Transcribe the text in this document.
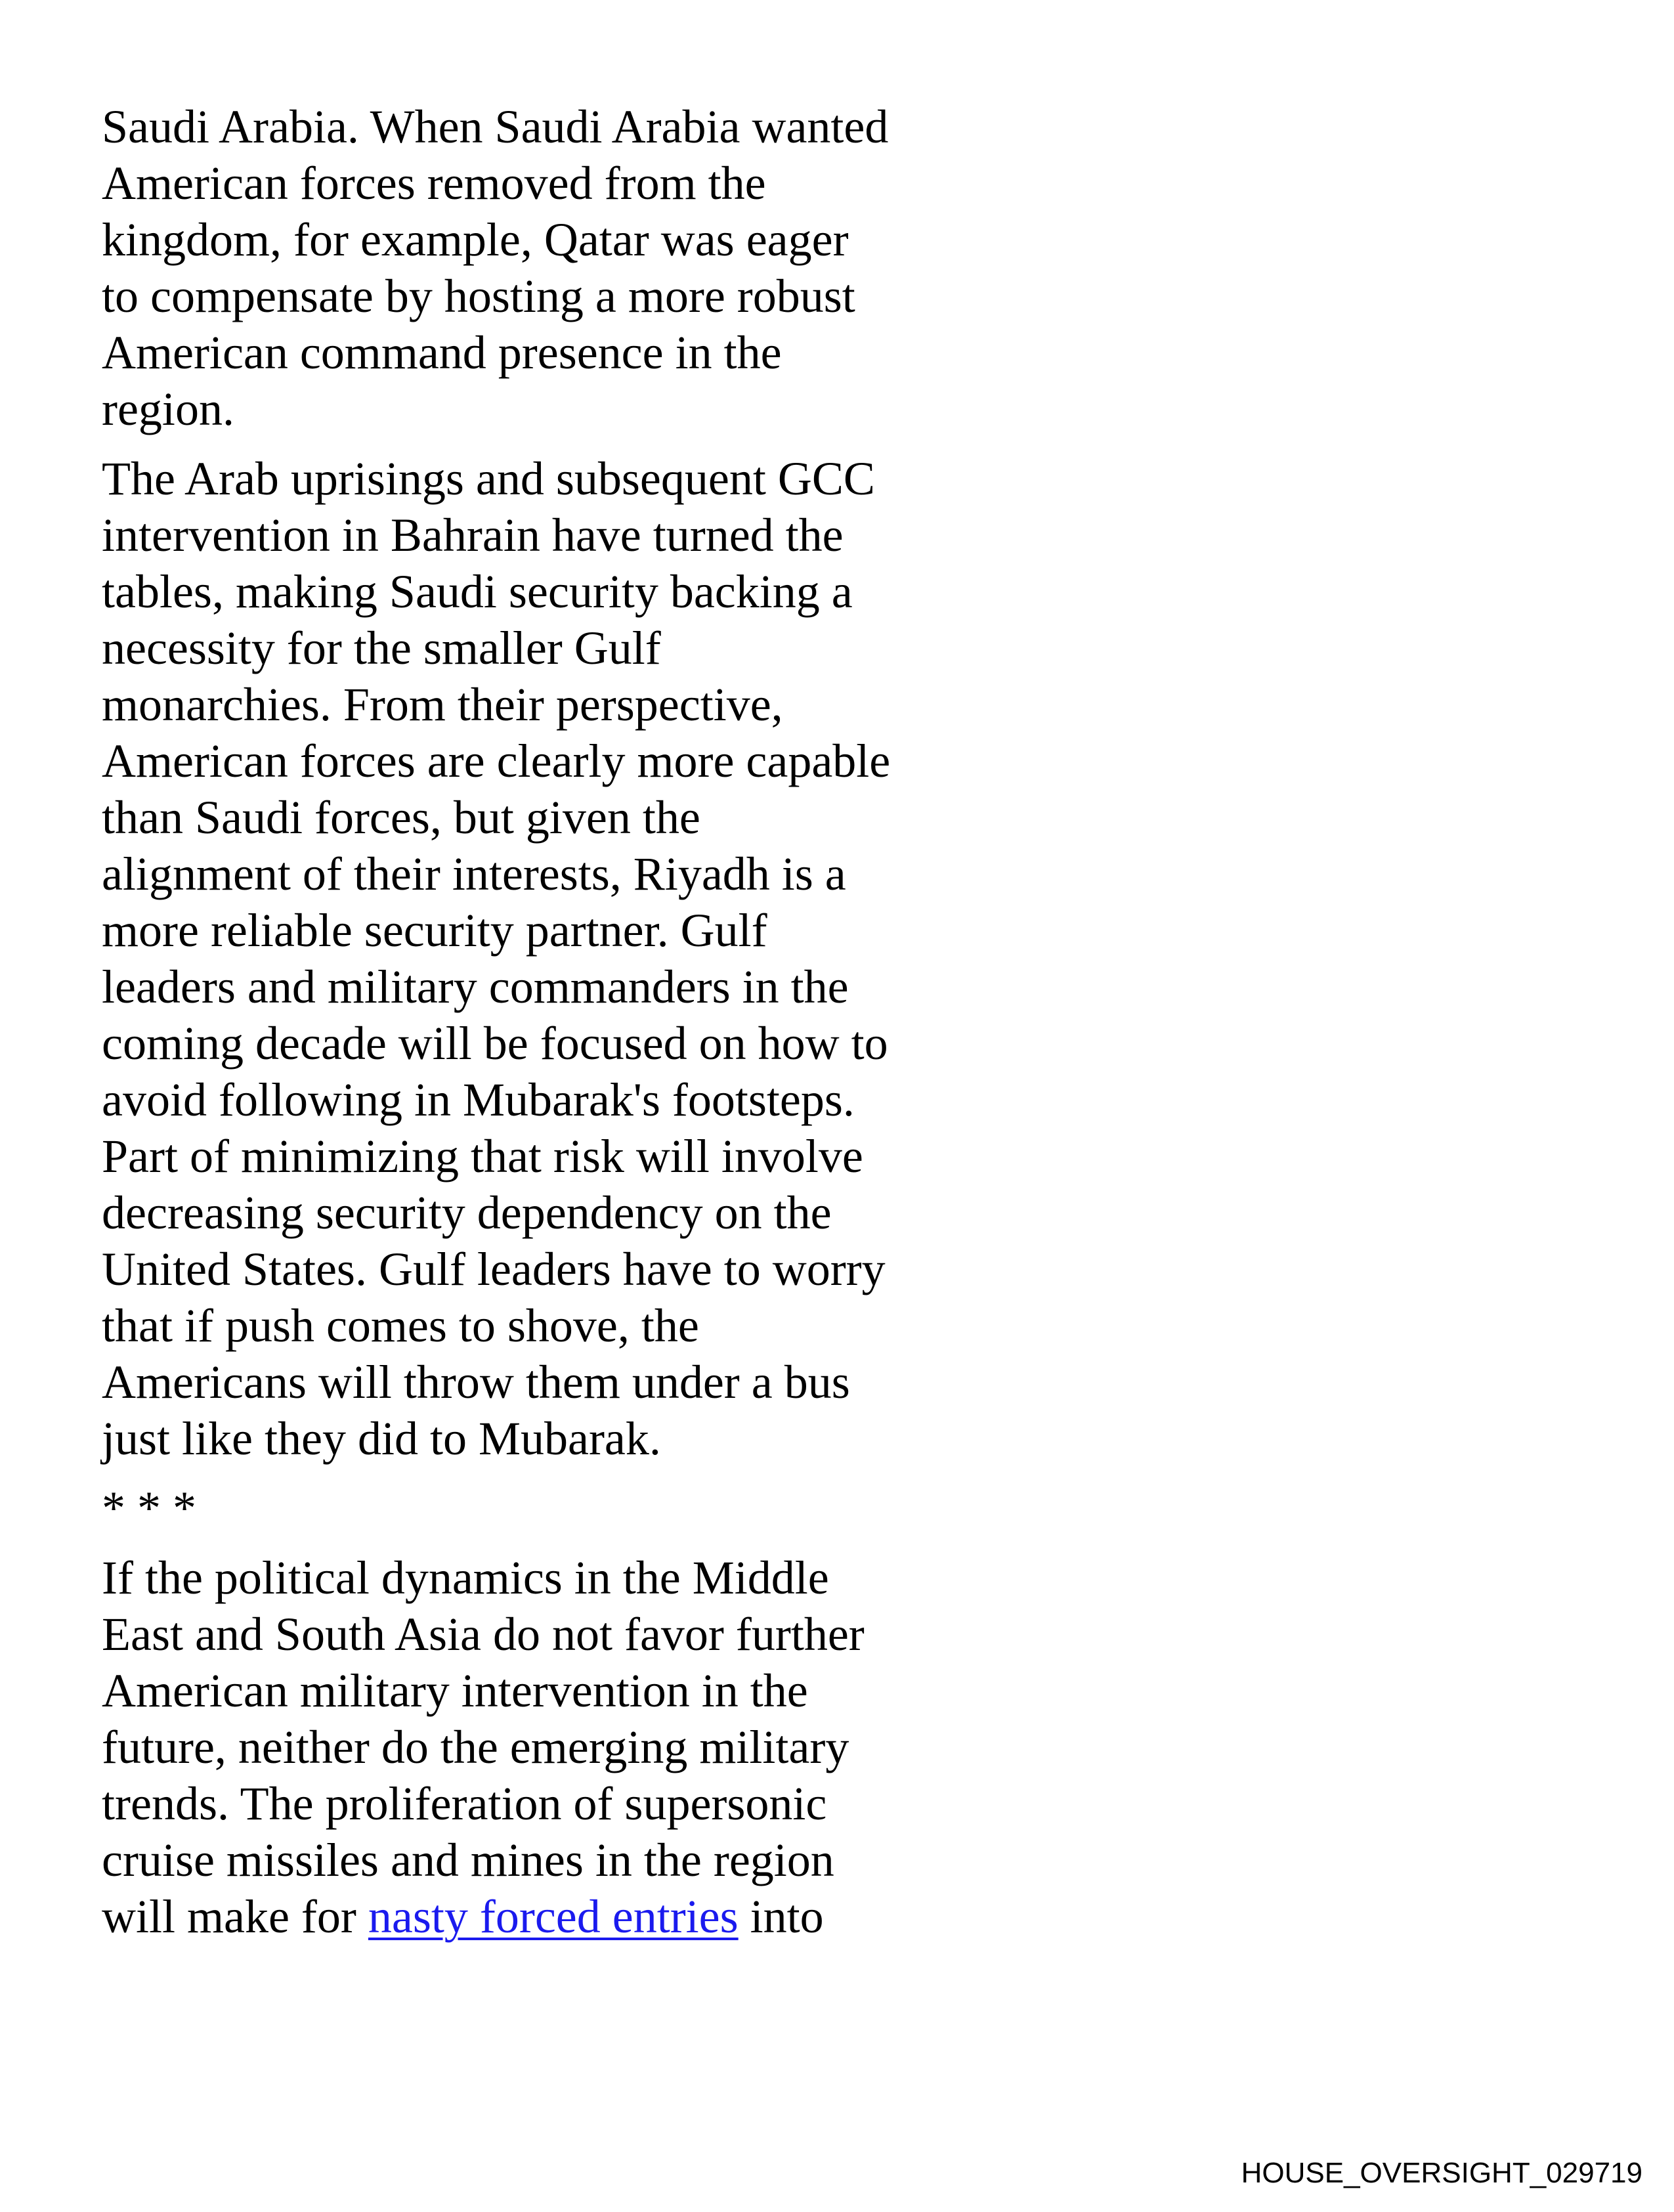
Saudi Arabia. When Saudi Arabia wanted
American forces removed from the
kingdom, for example, Qatar was eager
to compensate by hosting a more robust
American command presence in the
region.

The Arab uprisings and subsequent GCC
intervention in Bahrain have turned the
tables, making Saudi security backing a
necessity for the smaller Gulf
monarchies. From their perspective,
American forces are clearly more capable
than Saudi forces, but given the
alignment of their interests, Riyadh is a
more reliable security partner. Gulf
leaders and military commanders in the
coming decade will be focused on how to
avoid following in Mubarak's footsteps.
Part of minimizing that risk will involve
decreasing security dependency on the
United States. Gulf leaders have to worry
that if push comes to shove, the
Americans will throw them under a bus
just like they did to Mubarak.

* * *

If the political dynamics in the Middle
East and South Asia do not favor further
American military intervention in the
future, neither do the emerging military
trends. The proliferation of supersonic
cruise missiles and mines in the region
will make for nasty forced entries into

HOUSE_OVERSIGHT_029719
